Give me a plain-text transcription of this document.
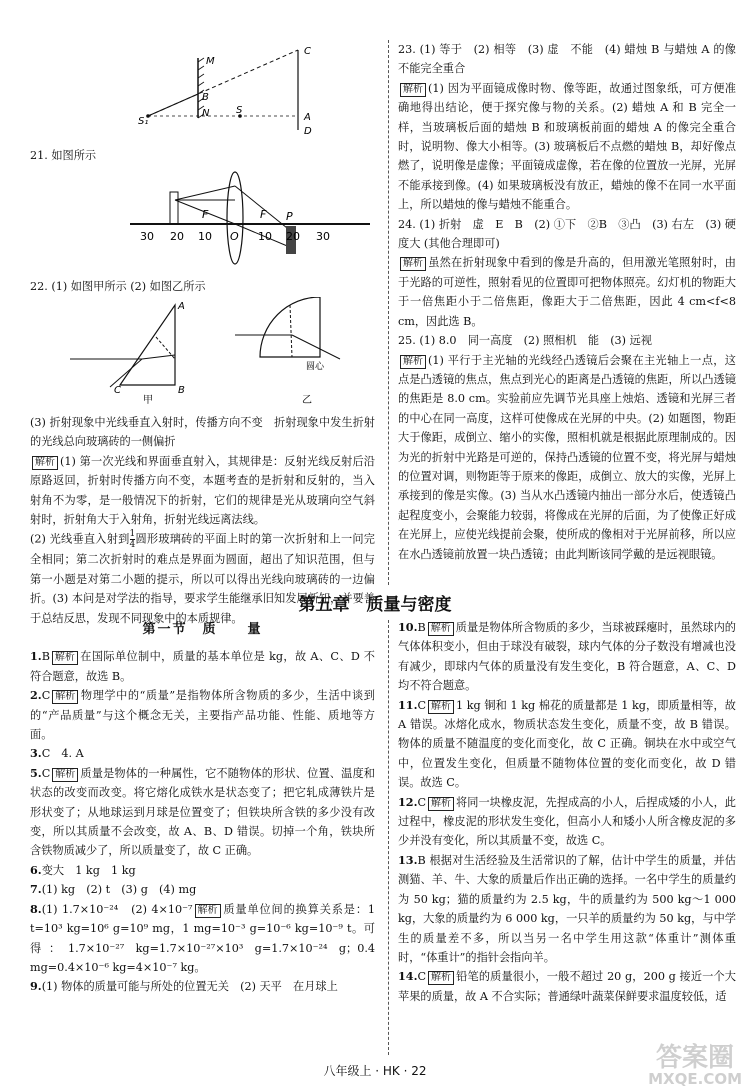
M
C
B
S₁
N	S
A
D

21. 如图所示

30 20 10 O 10 20 30
F	F P

22. (1) 如图甲所示 (2) 如图乙所示

A
B
C
甲	乙
圆心

(3) 折射现象中光线垂直入射时，传播方向不变　折射现象中发生折射的光线总向玻璃砖的一侧偏折

解析 (1) 第一次光线和界面垂直射入，其规律是：反射光线反射后沿原路返回，折射时传播方向不变，本题考查的是折射和反射的，当入射角不为零，是一般情况下的折射，它们的规律是光从玻璃向空气斜射时，折射角大于入射角，折射光线远离法线。

(2) 光线垂直入射到 $\frac{1}{4}$ 圆形玻璃砖的平面上时的第一次折射和上一问完全相同；第二次折射时的难点是界面为圆面，超出了知识范围，但与第一小题是对第二小题的提示，所以可以得出光线向玻璃砖的一边偏折。(3) 本问是对学法的指导，要求学生能继承旧知发展新知，并要善于总结反思，发现不同现象中的本质规律。

23. (1) 等于　(2) 相等　(3) 虚　不能　(4) 蜡烛 B 与蜡烛 A 的像不能完全重合

解析 (1) 因为平面镜成像时物、像等距，故通过图象纸，可方便准确地得出结论，便于探究像与物的关系。(2) 蜡烛 A 和 B 完全一样，当玻璃板后面的蜡烛 B 和玻璃板前面的蜡烛 A 的像完全重合时，说明物、像大小相等。(3) 玻璃板后不点燃的蜡烛 B，却好像点燃了，说明像是虚像；平面镜成虚像，若在像的位置放一光屏，光屏不能承接到像。(4) 如果玻璃板没有放正，蜡烛的像不在同一水平面上，所以蜡烛的像与蜡烛不能重合。

24. (1) 折射　虚　E　B　(2) ①下　②B　③凸　(3) 右左　(3) 硬度大 (其他合理即可)

解析 虽然在折射现象中看到的像是升高的，但用激光笔照射时，由于光路的可逆性，照射看见的位置即可把物体照亮。幻灯机的物距大于一倍焦距小于二倍焦距，像距大于二倍焦距，因此 4 cm<f<8 cm，因此选 B。

25. (1) 8.0　同一高度　(2) 照相机　能　(3) 远视

解析 (1) 平行于主光轴的光线经凸透镜后会聚在主光轴上一点，这点是凸透镜的焦点，焦点到光心的距离是凸透镜的焦距，所以凸透镜的焦距是 8.0 cm。实验前应先调节光具座上烛焰、透镜和光屏三者的中心在同一高度，这样可使像成在光屏的中央。(2) 如题图，物距大于像距，成倒立、缩小的实像，照相机就是根据此原理制成的。因为光的折射中光路是可逆的，保持凸透镜的位置不变，将光屏与蜡烛的位置对调，则物距等于原来的像距，成倒立、放大的实像，光屏上承接到的像是实像。(3) 当从水凸透镜内抽出一部分水后，使透镜凸起程度变小，会聚能力较弱，将像成在光屏的后面，为了使像正好成在光屏上，应使光线提前会聚，使所成的像相对于光屏前移，所以应在水凸透镜前放置一块凸透镜；由此判断该同学戴的是远视眼镜。

第五章　质量与密度
第一节　质　　量

1.B 解析 在国际单位制中，质量的基本单位是 kg，故 A、C、D 不符合题意，故选 B。

2.C 解析 物理学中的“质量”是指物体所含物质的多少，生活中谈到的“产品质量”与这个概念无关，主要指产品功能、性能、质地等方面。

3.C　4. A

5.C 解析 质量是物体的一种属性，它不随物体的形状、位置、温度和状态的改变而改变。将它熔化成铁水是状态变了；把它轧成薄铁片是形状变了；从地球运到月球是位置变了；但铁块所含铁的多少没有改变，所以其质量不会改变，故 A、B、D 错误。切掉一个角，铁块所含铁物质减少了，所以质量变了，故 C 正确。

6.变大　1 kg　1 kg

7.(1) kg　(2) t　(3) g　(4) mg

8.(1) 1.7×10⁻²⁴　(2) 4×10⁻⁷ 解析 质量单位间的换算关系是：1 t=10³ kg=10⁶ g=10⁹ mg，1 mg=10⁻³ g=10⁻⁶ kg=10⁻⁹ t。可得：1.7×10⁻²⁷ kg=1.7×10⁻²⁷×10³ g=1.7×10⁻²⁴ g；0.4 mg=0.4×10⁻⁶ kg=4×10⁻⁷ kg。

9.(1) 物体的质量可能与所处的位置无关　(2) 天平　在月球上

10.B 解析 质量是物体所含物质的多少，当球被踩瘪时，虽然球内的气体体积变小，但由于球没有破裂，球内气体的分子数没有增减也没有减少，即球内气体的质量没有发生变化，B 符合题意，A、C、D 均不符合题意。

11.C 解析 1 kg 铜和 1 kg 棉花的质量都是 1 kg，即质量相等，故 A 错误。冰熔化成水，物质状态发生变化，质量不变，故 B 错误。物体的质量不随温度的变化而变化，故 C 正确。铜块在水中或空气中，位置发生变化，但质量不随物体位置的变化而变化，故 D 错误。故选 C。

12.C 解析 将同一块橡皮泥，先捏成高的小人，后捏成矮的小人，此过程中，橡皮泥的形状发生变化，但高小人和矮小人所含橡皮泥的多少并没有变化，所以其质量不变，故选 C。

13.B 根据对生活经验及生活常识的了解，估计中学生的质量，并估测猫、羊、牛、大象的质量后作出正确的选择。一名中学生的质量约为 50 kg；猫的质量约为 2.5 kg，牛的质量约为 500 kg～1 000 kg，大象的质量约为 6 000 kg，一只羊的质量约为 50 kg，与中学生的质量差不多，所以当另一名中学生用这款“体重计”测体重时，“体重计”的指针会指向羊。

14.C 解析 铅笔的质量很小，一般不超过 20 g，200 g 接近一个大苹果的质量，故 A 不合实际；普通绿叶蔬菜保鲜要求温度较低，适

八年级上 · HK · 22	答案圈
MXQE.COM
